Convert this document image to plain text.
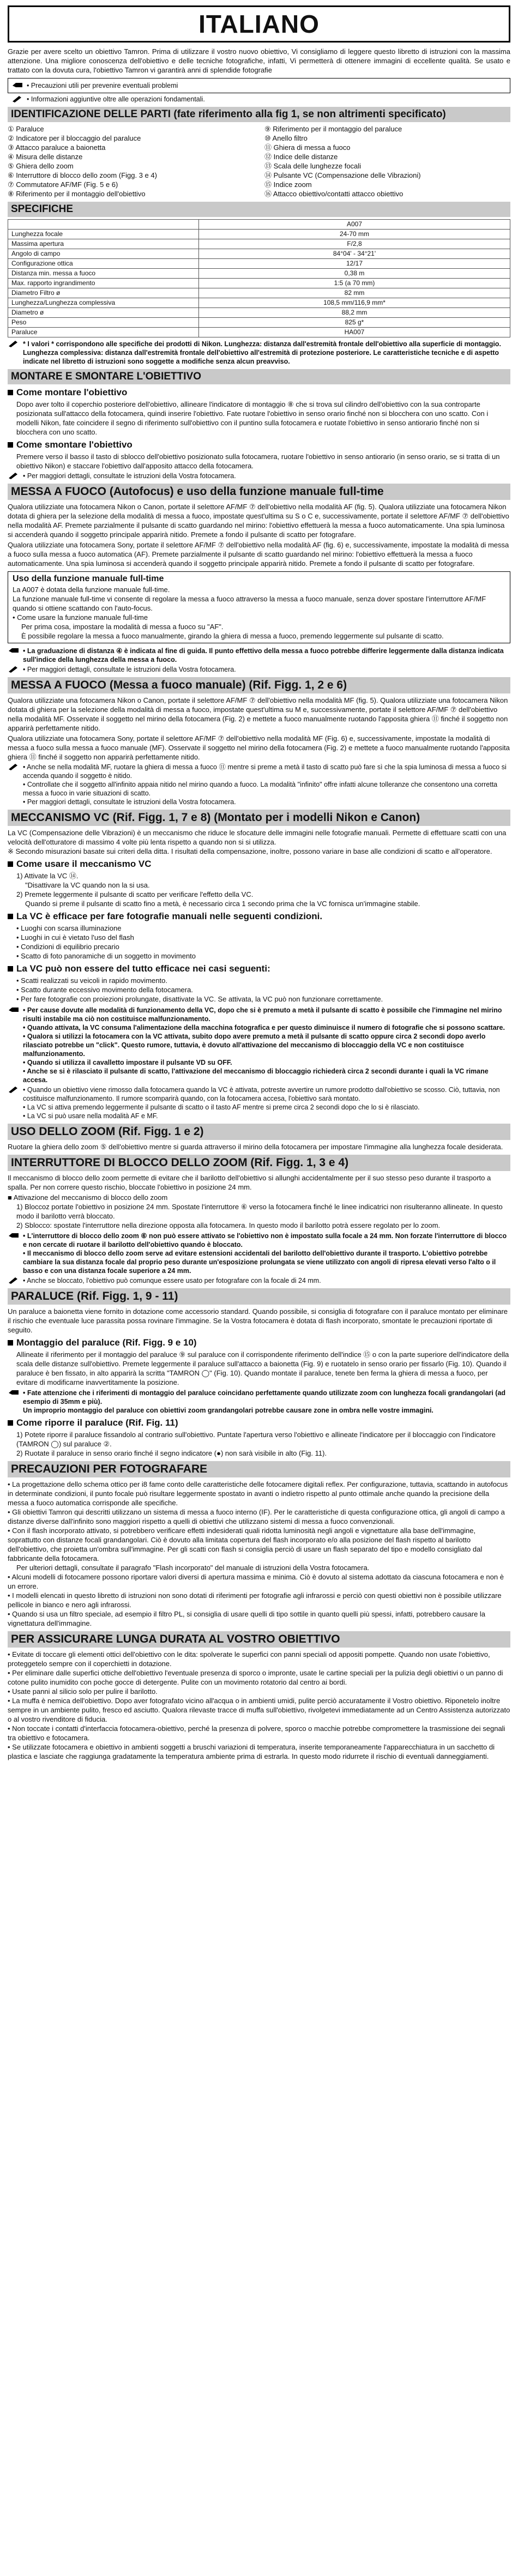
ITALIANO

Grazie per avere scelto un obiettivo Tamron. Prima di utilizzare il vostro nuovo obiettivo, Vi consigliamo di leggere questo libretto di istruzioni con la massima attenzione. Una migliore conoscenza dell'obiettivo e delle tecniche fotografiche, infatti, Vi permetterà di ottenere immagini di eccellente qualità. Se usato e trattato con la dovuta cura, l'obiettivo Tamron vi garantirà anni di splendide fotografie

• Precauzioni utili per prevenire eventuali problemi
• Informazioni aggiuntive oltre alle operazioni fondamentali.
IDENTIFICAZIONE DELLE PARTI (fate riferimento alla fig 1, se non altrimenti specificato)

① Paraluce

② Indicatore per il bloccaggio del paraluce

③ Attacco paraluce a baionetta

④ Misura delle distanze

⑤ Ghiera dello zoom

⑥ Interruttore di blocco dello zoom (Figg. 3 e 4)

⑦ Commutatore AF/MF (Fig. 5 e 6)

⑧ Riferimento per il montaggio dell'obiettivo

⑨ Riferimento per il montaggio del paraluce

⑩ Anello filtro

⑪ Ghiera di messa a fuoco

⑫ Indice delle distanze

⑬ Scala delle lunghezze focali

⑭ Pulsante VC (Compensazione delle Vibrazioni)

⑮ Indice zoom

⑯ Attacco obiettivo/contatti attacco obiettivo

SPECIFICHE
	A007
Lunghezza focale	24-70 mm
Massima apertura	F/2,8
Angolo di campo	84°04' - 34°21'
Configurazione ottica	12/17
Distanza min. messa a fuoco	0,38 m
Max. rapporto ingrandimento	1:5 (a 70 mm)
Diametro Filtro ø	82 mm
Lunghezza/Lunghezza complessiva	108,5 mm/116,9 mm*
Diametro ø	88,2 mm
Peso	825 g*
Paraluce	HA007
* I valori * corrispondono alle specifiche dei prodotti di Nikon. Lunghezza: distanza dall'estremità frontale dell'obiettivo alla superficie di montaggio. Lunghezza complessiva: distanza dall'estremità frontale dell'obiettivo all'estremità di protezione posteriore. Le caratteristiche tecniche e di aspetto indicate nel libretto di istruzioni sono soggette a modifiche senza alcun preavviso.
MONTARE E SMONTARE L'OBIETTIVO
Come montare l'obiettivo

Dopo aver tolto il coperchio posteriore dell'obiettivo, allineare l'indicatore di montaggio ⑧ che si trova sul cilindro dell'obiettivo con la sua controparte posizionata sull'attacco della fotocamera, quindi inserire l'obiettivo. Fate ruotare l'obiettivo in senso orario finché non si blocchera con uno scatto. Con i modelli Nikon, fate coincidere il segno di riferimento sull'obiettivo con il puntino sulla fotocamera e ruotate l'obiettivo in senso antiorario finché non si blocchera con uno scatto.

Come smontare l'obiettivo

Premere verso il basso il tasto di sblocco dell'obiettivo posizionato sulla fotocamera, ruotare l'obiettivo in senso antiorario (in senso orario, se si tratta di un obiettivo Nikon) e staccare l'obiettivo dall'apposito attacco della fotocamera.

• Per maggiori dettagli, consultate le istruzioni della Vostra fotocamera.
MESSA A FUOCO (Autofocus) e uso della funzione manuale full-time

Qualora utilizziate una fotocamera Nikon o Canon, portate il selettore AF/MF ⑦ dell'obiettivo nella modalità AF (fig. 5). Qualora utilizziate una fotocamera Nikon dotata di ghiera per la selezione della modalità di messa a fuoco, impostate quest'ultima su S o C e, successivamente, portate il selettore AF/MF ⑦ dell'obiettivo nella modalità AF. Premete parzialmente il pulsante di scatto guardando nel mirino: l'obiettivo effettuerà la messa a fuoco automaticamente. Una spia luminosa si accenderà quando il soggetto principale apparirà nitido. Premete a fondo il pulsante di scatto per fotografare.

Qualora utilizziate una fotocamera Sony, portate il selettore AF/MF ⑦ dell'obiettivo nella modalità AF (fig. 6) e, successivamente, impostate la modalità di messa a fuoco sulla messa a fuoco automatica (AF). Premete parzialmente il pulsante di scatto guardando nel mirino: l'obiettivo effettuerà la messa a fuoco automaticamente. Una spia luminosa si accenderà quando il soggetto principale apparirà nitido. Premete a fondo il pulsante di scatto per fotografare.

Uso della funzione manuale full-time

La A007 è dotata della funzione manuale full-time.

La funzione manuale full-time vi consente di regolare la messa a fuoco attraverso la messa a fuoco manuale, senza dover spostare l'interruttore AF/MF quando si ottiene scattando con l'auto-focus.

• Come usare la funzione manuale full-time

Per prima cosa, impostare la modalità di messa a fuoco su "AF".

È possibile regolare la messa a fuoco manualmente, girando la ghiera di messa a fuoco, premendo leggermente sul pulsante di scatto.

• La graduazione di distanza ④ è indicata al fine di guida. Il punto effettivo della messa a fuoco potrebbe differire leggermente dalla distanza indicata sull'indice della lunghezza della messa a fuoco.
• Per maggiori dettagli, consultate le istruzioni della Vostra fotocamera.
MESSA A FUOCO (Messa a fuoco manuale) (Rif. Figg. 1, 2 e 6)

Qualora utilizziate una fotocamera Nikon o Canon, portate il selettore AF/MF ⑦ dell'obiettivo nella modalità MF (fig. 5). Qualora utilizziate una fotocamera Nikon dotata di ghiera per la selezione della modalità di messa a fuoco, impostate quest'ultima su M e, successivamente, portate il selettore AF/MF ⑦ dell'obiettivo nella modalità MF. Osservate il soggetto nel mirino della fotocamera (Fig. 2) e mettete a fuoco manualmente ruotando l'apposita ghiera ⑪ finché il soggetto non apparirà perfettamente nitido.

Qualora utilizziate una fotocamera Sony, portate il selettore AF/MF ⑦ dell'obiettivo nella modalità MF (Fig. 6) e, successivamente, impostate la modalità di messa a fuoco sulla messa a fuoco manuale (MF). Osservate il soggetto nel mirino della fotocamera (Fig. 2) e mettete a fuoco manualmente ruotando l'apposita ghiera ⑪ finché il soggetto non apparirà perfettamente nitido.

• Anche se nella modalità MF, ruotare la ghiera di messa a fuoco ⑪ mentre si preme a metà il tasto di scatto può fare sì che la spia luminosa di messa a fuoco si accenda quando il soggetto è nitido.
• Controllate che il soggetto all'infinito appaia nitido nel mirino quando a fuoco. La modalità "infinito" offre infatti alcune tolleranze che consentono una corretta messa a fuoco in varie situazioni di scatto.
• Per maggiori dettagli, consultate le istruzioni della Vostra fotocamera.
MECCANISMO VC (Rif. Figg. 1, 7 e 8) (Montato per i modelli Nikon e Canon)

La VC (Compensazione delle Vibrazioni) è un meccanismo che riduce le sfocature delle immagini nelle fotografie manuali. Permette di effettuare scatti con una velocità dell'otturatore di massimo 4 volte più lenta rispetto a quando non si si utilizza.

※ Secondo misurazioni basate sui criteri della ditta. I risultati della compensazione, inoltre, possono variare in base alle condizioni di scatto e all'operatore.

Come usare il meccanismo VC

1) Attivate la VC ⑭.

"Disattivare la VC quando non la si usa.

2) Premete leggermente il pulsante di scatto per verificare l'effetto della VC.

Quando si preme il pulsante di scatto fino a metà, è necessario circa 1 secondo prima che la VC fornisca un'immagine stabile.

La VC è efficace per fare fotografie manuali nelle seguenti condizioni.

• Luoghi con scarsa illuminazione

• Luoghi in cui è vietato l'uso del flash

• Condizioni di equilibrio precario

• Scatto di foto panoramiche di un soggetto in movimento

La VC può non essere del tutto efficace nei casi seguenti:

• Scatti realizzati su veicoli in rapido movimento.

• Scatto durante eccessivo movimento della fotocamera.

• Per fare fotografie con proiezioni prolungate, disattivate la VC. Se attivata, la VC può non funzionare correttamente.

• Per cause dovute alle modalità di funzionamento della VC, dopo che si è premuto a metà il pulsante di scatto è possibile che l'immagine nel mirino risulti instabile ma ciò non costituisce malfunzionamento.
• Quando attivata, la VC consuma l'alimentazione della macchina fotografica e per questo diminuisce il numero di fotografie che si possono scattare.
• Qualora si utilizzi la fotocamera con la VC attivata, subito dopo avere premuto a metà il pulsante di scatto oppure circa 2 secondi dopo averlo rilasciato potrebbe un "click". Questo rumore, tuttavia, è dovuto all'attivazione del meccanismo di bloccaggio della VC e non costituisce malfunzionamento.
• Quando si utilizza il cavalletto impostare il pulsante VD su OFF.
• Anche se si è rilasciato il pulsante di scatto, l'attivazione del meccanismo di bloccaggio richiederà circa 2 secondi durante i quali la VC rimane accesa.
• Quando un obiettivo viene rimosso dalla fotocamera quando la VC è attivata, potreste avvertire un rumore prodotto dall'obiettivo se scosso. Ciò, tuttavia, non costituisce malfunzionamento. Il rumore scomparirà quando, con la fotocamera accesa, l'obiettivo sarà montato.
• La VC si attiva premendo leggermente il pulsante di scatto o il tasto AF mentre si preme circa 2 secondi dopo che lo si è rilasciato.
• La VC si può usare nella modalità AF e MF.
USO DELLO ZOOM (Rif. Figg. 1 e 2)

Ruotare la ghiera dello zoom ⑤ dell'obiettivo mentre si guarda attraverso il mirino della fotocamera per impostare l'immagine alla lunghezza focale desiderata.

INTERRUTTORE DI BLOCCO DELLO ZOOM (Rif. Figg. 1, 3 e 4)

Il meccanismo di blocco dello zoom permette di evitare che il barilotto dell'obiettivo si allunghi accidentalmente per il suo stesso peso durante il trasporto a spalla. Per non correre questo rischio, bloccate l'obiettivo in posizione 24 mm.

■ Attivazione del meccanismo di blocco dello zoom

1) Bloccoz portate l'obiettivo in posizione 24 mm. Spostate l'interruttore ⑥ verso la fotocamera finché le linee indicatrici non risulteranno allineate. In questo modo il barilotto verrà bloccato.

2) Sblocco: spostate l'interruttore nella direzione opposta alla fotocamera. In questo modo il barilotto potrà essere regolato per lo zoom.

• L'interruttore di blocco dello zoom ⑥ non può essere attivato se l'obiettivo non è impostato sulla focale a 24 mm. Non forzate l'interruttore di blocco e non cercate di ruotare il barilotto dell'obiettivo quando è bloccato.
• Il meccanismo di blocco dello zoom serve ad evitare estensioni accidentali del barilotto dell'obiettivo durante il trasporto. L'obiettivo potrebbe cambiare la sua distanza focale dal proprio peso durante un'esposizione prolungata se viene utilizzato con angoli di ripresa elevati verso l'alto o il basso e con una distanza focale superiore a 24 mm.
• Anche se bloccato, l'obiettivo può comunque essere usato per fotografare con la focale di 24 mm.
PARALUCE (Rif. Figg. 1, 9 - 11)

Un paraluce a baionetta viene fornito in dotazione come accessorio standard. Quando possibile, si consiglia di fotografare con il paraluce montato per eliminare il rischio che eventuale luce parassita possa rovinare l'immagine. Se la Vostra fotocamera è dotata di flash incorporato, smontate le precauzioni riportate di seguito.

Montaggio del paraluce (Rif. Figg. 9 e 10)

Allineate il riferimento per il montaggio del paraluce ⑨ sul paraluce con il corrispondente riferimento dell'indice ⑮ o con la parte superiore dell'indicatore della scala delle distanze sull'obiettivo. Premete leggermente il paraluce sull'attacco a baionetta (Fig. 9) e ruotatelo in senso orario per fissarlo (Fig. 10). Quando il paraluce è ben fissato, in alto apparirà la scritta "TAMRON ◯" (Fig. 10). Quando montate il paraluce, tenete ben ferma la ghiera di messa a fuoco, per evitare di modificarne inavvertitamente la posizione.

• Fate attenzione che i riferimenti di montaggio del paraluce coincidano perfettamente quando utilizzate zoom con lunghezza focali grandangolari (ad esempio di 35mm e più).
Un improprio montaggio del paraluce con obiettivi zoom grandangolari potrebbe causare zone in ombra nelle vostre immagini.
Come riporre il paraluce (Rif. Fig. 11)

1) Potete riporre il paraluce fissandolo al contrario sull'obiettivo. Puntate l'apertura verso l'obiettivo e allineate l'indicatore per il bloccaggio con l'indicatore (TAMRON ◯) sul paraluce ②.

2) Ruotate il paraluce in senso orario finché il segno indicatore (●) non sarà visibile in alto (Fig. 11).

PRECAUZIONI PER FOTOGRAFARE

• La progettazione dello schema ottico per i8 fame conto delle caratteristiche delle fotocamere digitali reflex. Per configurazione, tuttavia, scattando in autofocus in determinate condizioni, il punto focale può risultare leggermente spostato in avanti o indietro rispetto al punto ottimale anche quando la precisione della messa a fuoco automatica corrisponde alle specifiche.

• Gli obiettivi Tamron qui descritti utilizzano un sistema di messa a fuoco interno (IF). Per le caratteristiche di questa configurazione ottica, gli angoli di campo a distanze diverse dall'infinito sono maggiori rispetto a quelli di obiettivi che utilizzano sistemi di messa a fuoco convenzionali.

• Con il flash incorporato attivato, si potrebbero verificare effetti indesiderati quali ridotta luminosità negli angoli e vignettature alla base dell'immagine, soprattutto con distanze focali grandangolari. Ciò è dovuto alla limitata copertura del flash incorporato e/o alla posizione del flash rispetto al barilotto dell'obiettivo, che proietta un'ombra sull'immagine. Per gli scatti con flash si consiglia perciò di usare un flash separato del tipo e modello consigliato dal fabbricante della fotocamera.

Per ulteriori dettagli, consultate il paragrafo "Flash incorporato" del manuale di istruzioni della Vostra fotocamera.

• Alcuni modelli di fotocamere possono riportare valori diversi di apertura massima e minima. Ciò è dovuto al sistema adottato da ciascuna fotocamera e non è un errore.

• I modelli elencati in questo libretto di istruzioni non sono dotati di riferimenti per fotografie agli infrarossi e perciò con questi obiettivi non è possibile utilizzare pellicole in bianco e nero agli infrarossi.

• Quando si usa un filtro speciale, ad esempio il filtro PL, si consiglia di usare quelli di tipo sottile in quanto quelli più spessi, infatti, potrebbero causare la vignettatura dell'immagine.

PER ASSICURARE LUNGA DURATA AL VOSTRO OBIETTIVO

• Evitate di toccare gli elementi ottici dell'obiettivo con le dita: spolverate le superfici con panni speciali od appositi pompette. Quando non usate l'obiettivo, proteggetelo sempre con il coperchietti in dotazione.

• Per eliminare dalle superfici ottiche dell'obiettivo l'eventuale presenza di sporco o impronte, usate le cartine speciali per la pulizia degli obiettivi o un panno di cotone pulito inumidito con poche gocce di detergente. Pulite con un movimento rotatorio dal centro ai bordi.

• Usate panni al silicio solo per pulire il barilotto.

• La muffa è nemica dell'obiettivo. Dopo aver fotografato vicino all'acqua o in ambienti umidi, pulite perciò accuratamente il Vostro obiettivo. Riponetelo inoltre sempre in un ambiente pulito, fresco ed asciutto. Qualora rilevaste tracce di muffa sull'obiettivo, rivolgetevi immediatamente ad un Centro Assistenza autorizzato o al vostro rivenditore di fiducia.

• Non toccate i contatti d'interfaccia fotocamera-obiettivo, perché la presenza di polvere, sporco o macchie potrebbe compromettere la trasmissione dei segnali tra obiettivo e fotocamera.

• Se utilizzate fotocamera e obiettivo in ambienti soggetti a bruschi variazioni di temperatura, inserite temporaneamente l'apparecchiatura in un sacchetto di plastica e lasciate che raggiunga gradatamente la temperatura ambiente prima di estrarla. In questo modo ridurrete il rischio di eventuali danneggiamenti.
